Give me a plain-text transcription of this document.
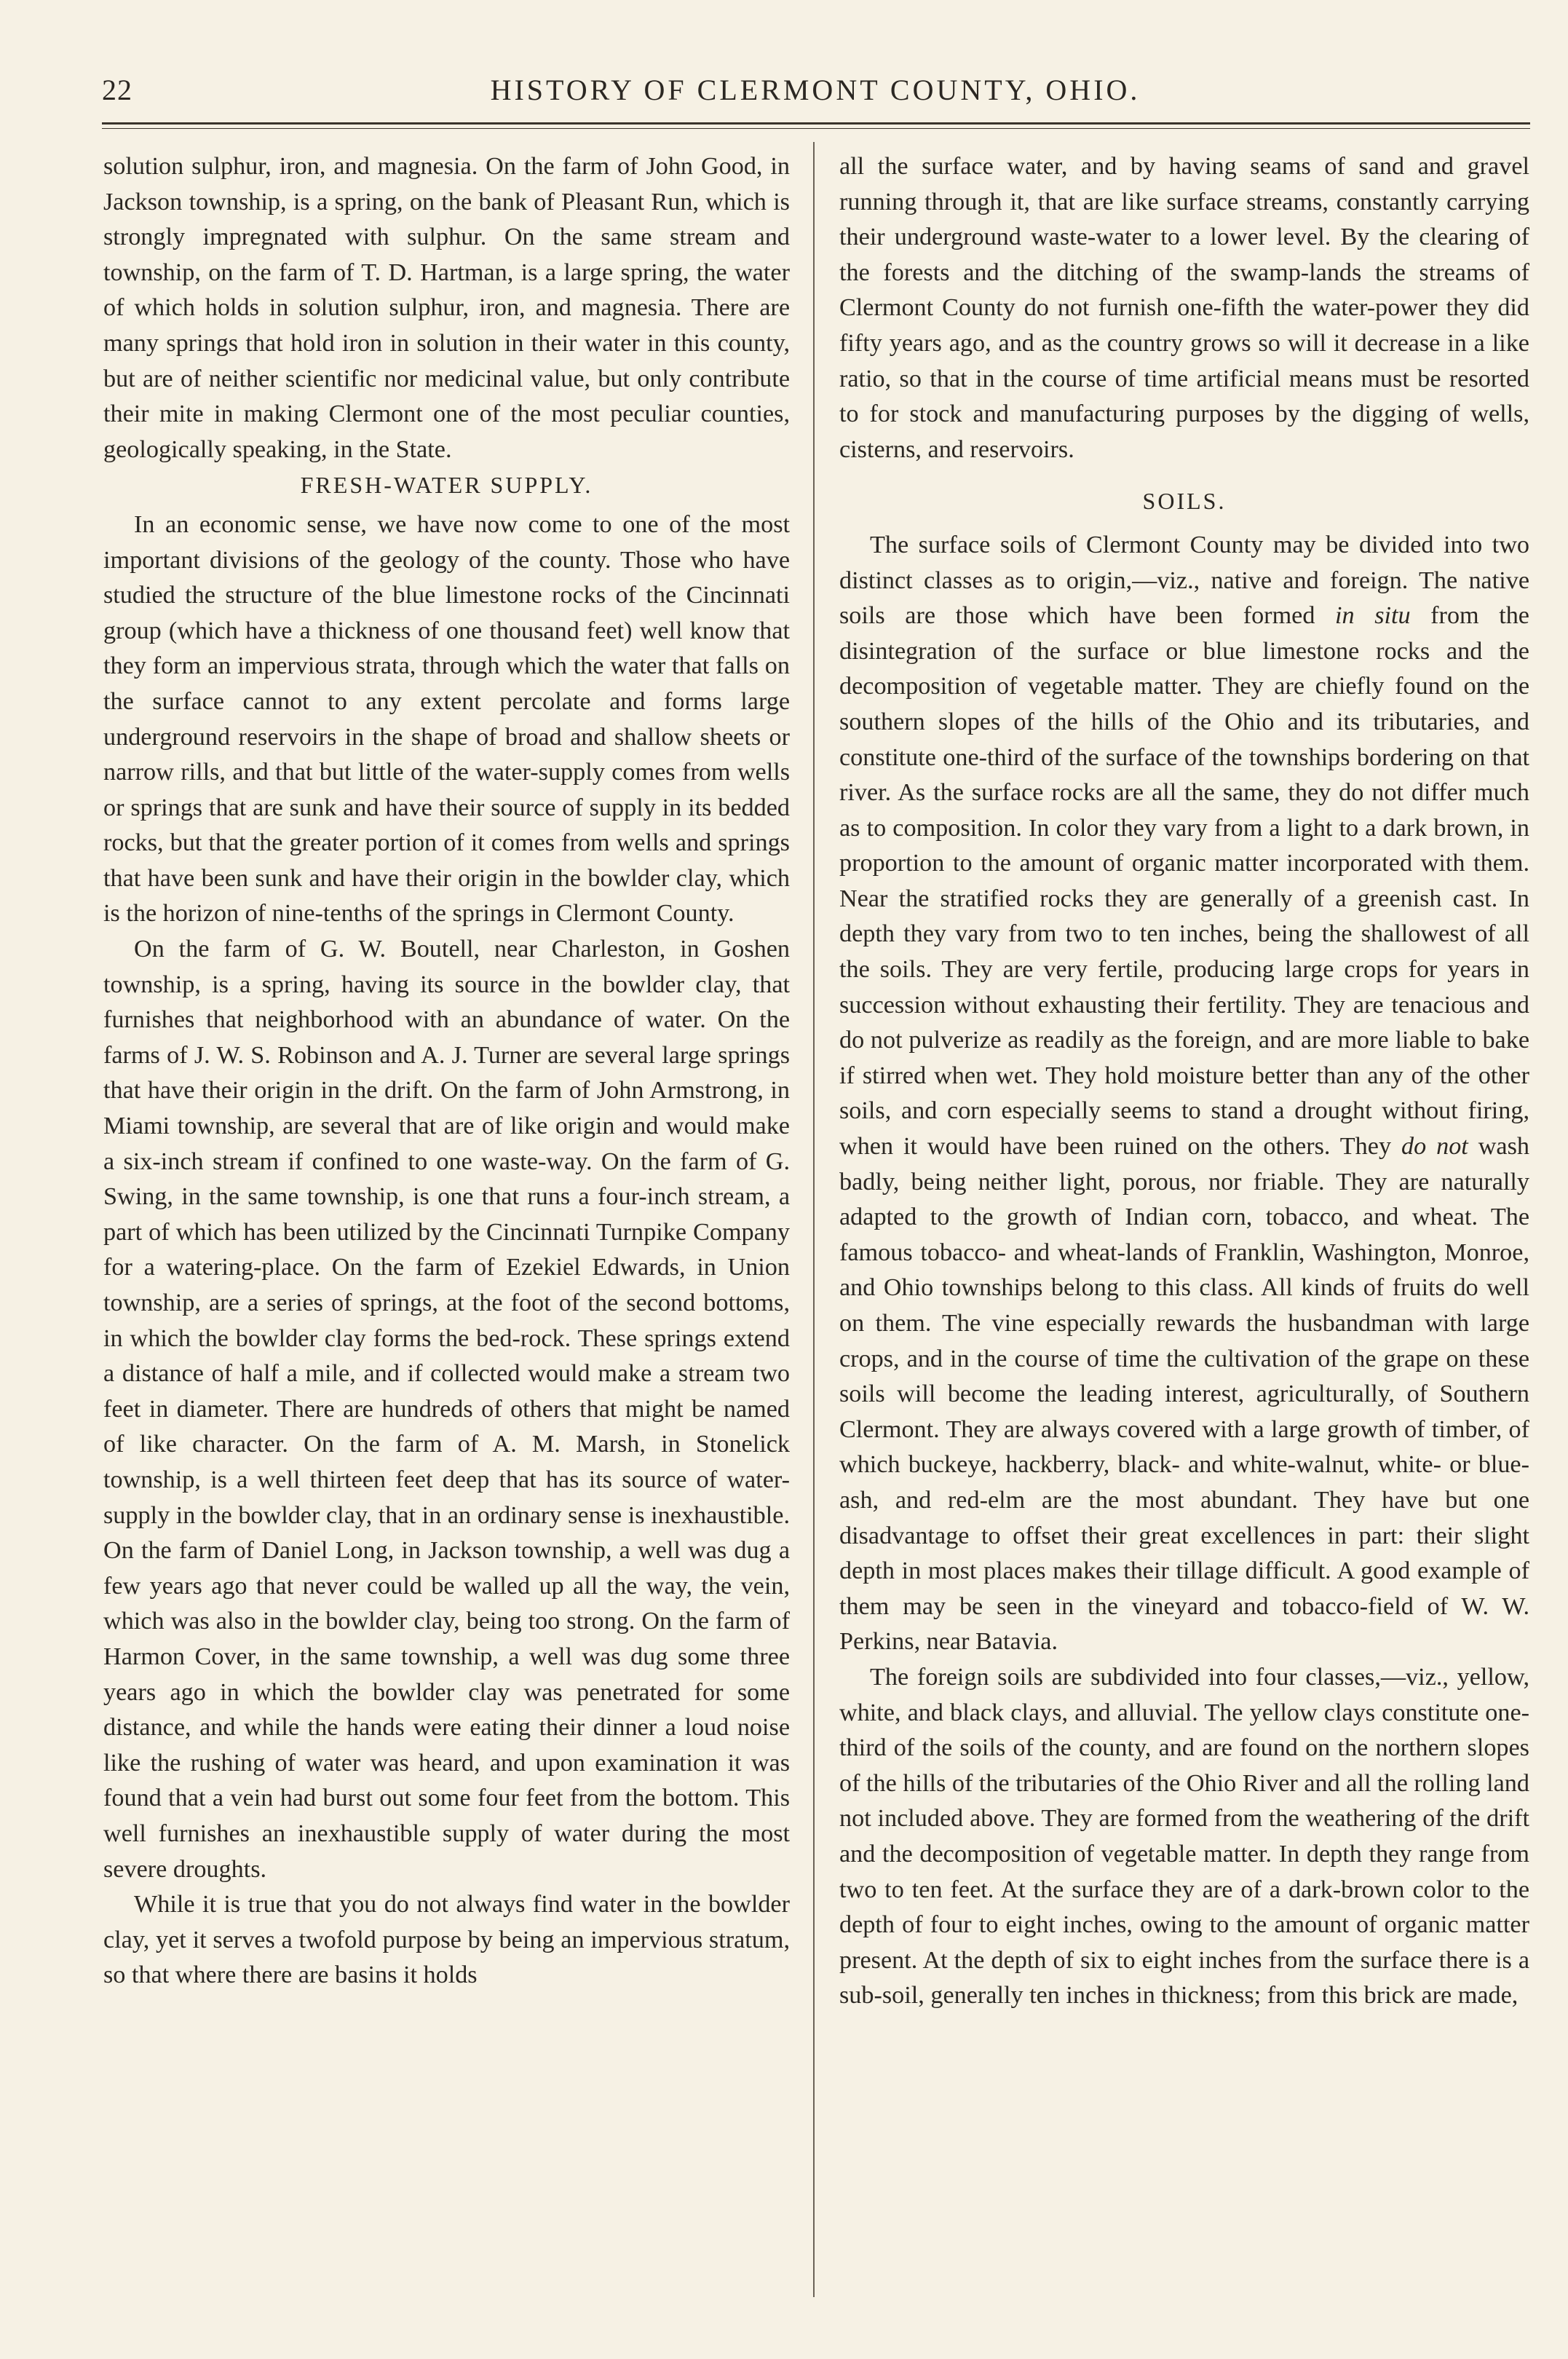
22	HISTORY OF CLERMONT COUNTY, OHIO.

solution sulphur, iron, and magnesia. On the farm of John Good, in Jackson township, is a spring, on the bank of Pleasant Run, which is strongly impregnated with sulphur. On the same stream and township, on the farm of T. D. Hartman, is a large spring, the water of which holds in solution sulphur, iron, and magnesia. There are many springs that hold iron in solution in their water in this county, but are of neither scientific nor medicinal value, but only contribute their mite in making Clermont one of the most peculiar counties, geologically speaking, in the State.

FRESH-WATER SUPPLY.

In an economic sense, we have now come to one of the most important divisions of the geology of the county. Those who have studied the structure of the blue limestone rocks of the Cincinnati group (which have a thickness of one thousand feet) well know that they form an impervious strata, through which the water that falls on the surface cannot to any extent percolate and forms large underground reservoirs in the shape of broad and shallow sheets or narrow rills, and that but little of the water-supply comes from wells or springs that are sunk and have their source of supply in its bedded rocks, but that the greater portion of it comes from wells and springs that have been sunk and have their origin in the bowlder clay, which is the horizon of nine-tenths of the springs in Clermont County.

On the farm of G. W. Boutell, near Charleston, in Goshen township, is a spring, having its source in the bowlder clay, that furnishes that neighborhood with an abundance of water. On the farms of J. W. S. Robinson and A. J. Turner are several large springs that have their origin in the drift. On the farm of John Armstrong, in Miami township, are several that are of like origin and would make a six-inch stream if confined to one waste-way. On the farm of G. Swing, in the same township, is one that runs a four-inch stream, a part of which has been utilized by the Cincinnati Turnpike Company for a watering-place. On the farm of Ezekiel Edwards, in Union township, are a series of springs, at the foot of the second bottoms, in which the bowlder clay forms the bed-rock. These springs extend a distance of half a mile, and if collected would make a stream two feet in diameter. There are hundreds of others that might be named of like character. On the farm of A. M. Marsh, in Stonelick township, is a well thirteen feet deep that has its source of water-supply in the bowlder clay, that in an ordinary sense is inexhaustible. On the farm of Daniel Long, in Jackson township, a well was dug a few years ago that never could be walled up all the way, the vein, which was also in the bowlder clay, being too strong. On the farm of Harmon Cover, in the same township, a well was dug some three years ago in which the bowlder clay was penetrated for some distance, and while the hands were eating their dinner a loud noise like the rushing of water was heard, and upon examination it was found that a vein had burst out some four feet from the bottom. This well furnishes an inexhaustible supply of water during the most severe droughts.

While it is true that you do not always find water in the bowlder clay, yet it serves a twofold purpose by being an impervious stratum, so that where there are basins it holds

all the surface water, and by having seams of sand and gravel running through it, that are like surface streams, constantly carrying their underground waste-water to a lower level. By the clearing of the forests and the ditching of the swamp-lands the streams of Clermont County do not furnish one-fifth the water-power they did fifty years ago, and as the country grows so will it decrease in a like ratio, so that in the course of time artificial means must be resorted to for stock and manufacturing purposes by the digging of wells, cisterns, and reservoirs.

SOILS.

The surface soils of Clermont County may be divided into two distinct classes as to origin,—viz., native and foreign. The native soils are those which have been formed in situ from the disintegration of the surface or blue limestone rocks and the decomposition of vegetable matter. They are chiefly found on the southern slopes of the hills of the Ohio and its tributaries, and constitute one-third of the surface of the townships bordering on that river. As the surface rocks are all the same, they do not differ much as to composition. In color they vary from a light to a dark brown, in proportion to the amount of organic matter incorporated with them. Near the stratified rocks they are generally of a greenish cast. In depth they vary from two to ten inches, being the shallowest of all the soils. They are very fertile, producing large crops for years in succession without exhausting their fertility. They are tenacious and do not pulverize as readily as the foreign, and are more liable to bake if stirred when wet. They hold moisture better than any of the other soils, and corn especially seems to stand a drought without firing, when it would have been ruined on the others. They do not wash badly, being neither light, porous, nor friable. They are naturally adapted to the growth of Indian corn, tobacco, and wheat. The famous tobacco- and wheat-lands of Franklin, Washington, Monroe, and Ohio townships belong to this class. All kinds of fruits do well on them. The vine especially rewards the husbandman with large crops, and in the course of time the cultivation of the grape on these soils will become the leading interest, agriculturally, of Southern Clermont. They are always covered with a large growth of timber, of which buckeye, hackberry, black- and white-walnut, white- or blue-ash, and red-elm are the most abundant. They have but one disadvantage to offset their great excellences in part: their slight depth in most places makes their tillage difficult. A good example of them may be seen in the vineyard and tobacco-field of W. W. Perkins, near Batavia.

The foreign soils are subdivided into four classes,—viz., yellow, white, and black clays, and alluvial. The yellow clays constitute one-third of the soils of the county, and are found on the northern slopes of the hills of the tributaries of the Ohio River and all the rolling land not included above. They are formed from the weathering of the drift and the decomposition of vegetable matter. In depth they range from two to ten feet. At the surface they are of a dark-brown color to the depth of four to eight inches, owing to the amount of organic matter present. At the depth of six to eight inches from the surface there is a sub-soil, generally ten inches in thickness; from this brick are made,
